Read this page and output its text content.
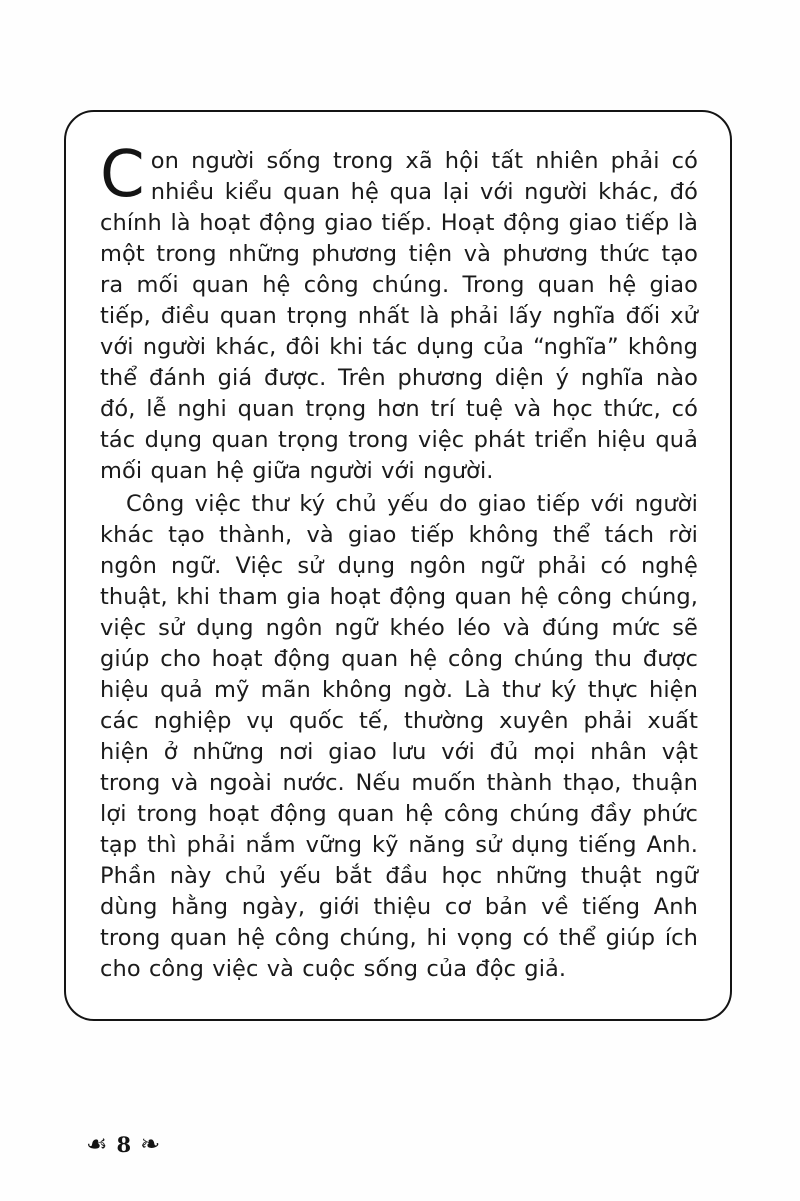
Con người sống trong xã hội tất nhiên phải có nhiều kiểu quan hệ qua lại với người khác, đó chính là hoạt động giao tiếp. Hoạt động giao tiếp là một trong những phương tiện và phương thức tạo ra mối quan hệ công chúng. Trong quan hệ giao tiếp, điều quan trọng nhất là phải lấy nghĩa đối xử với người khác, đôi khi tác dụng của “nghĩa” không thể đánh giá được. Trên phương diện ý nghĩa nào đó, lễ nghi quan trọng hơn trí tuệ và học thức, có tác dụng quan trọng trong việc phát triển hiệu quả mối quan hệ giữa người với người.

Công việc thư ký chủ yếu do giao tiếp với người khác tạo thành, và giao tiếp không thể tách rời ngôn ngữ. Việc sử dụng ngôn ngữ phải có nghệ thuật, khi tham gia hoạt động quan hệ công chúng, việc sử dụng ngôn ngữ khéo léo và đúng mức sẽ giúp cho hoạt động quan hệ công chúng thu được hiệu quả mỹ mãn không ngờ. Là thư ký thực hiện các nghiệp vụ quốc tế, thường xuyên phải xuất hiện ở những nơi giao lưu với đủ mọi nhân vật trong và ngoài nước. Nếu muốn thành thạo, thuận lợi trong hoạt động quan hệ công chúng đầy phức tạp thì phải nắm vững kỹ năng sử dụng tiếng Anh. Phần này chủ yếu bắt đầu học những thuật ngữ dùng hằng ngày, giới thiệu cơ bản về tiếng Anh trong quan hệ công chúng, hi vọng có thể giúp ích cho công việc và cuộc sống của độc giả.

☙ 8 ❧
